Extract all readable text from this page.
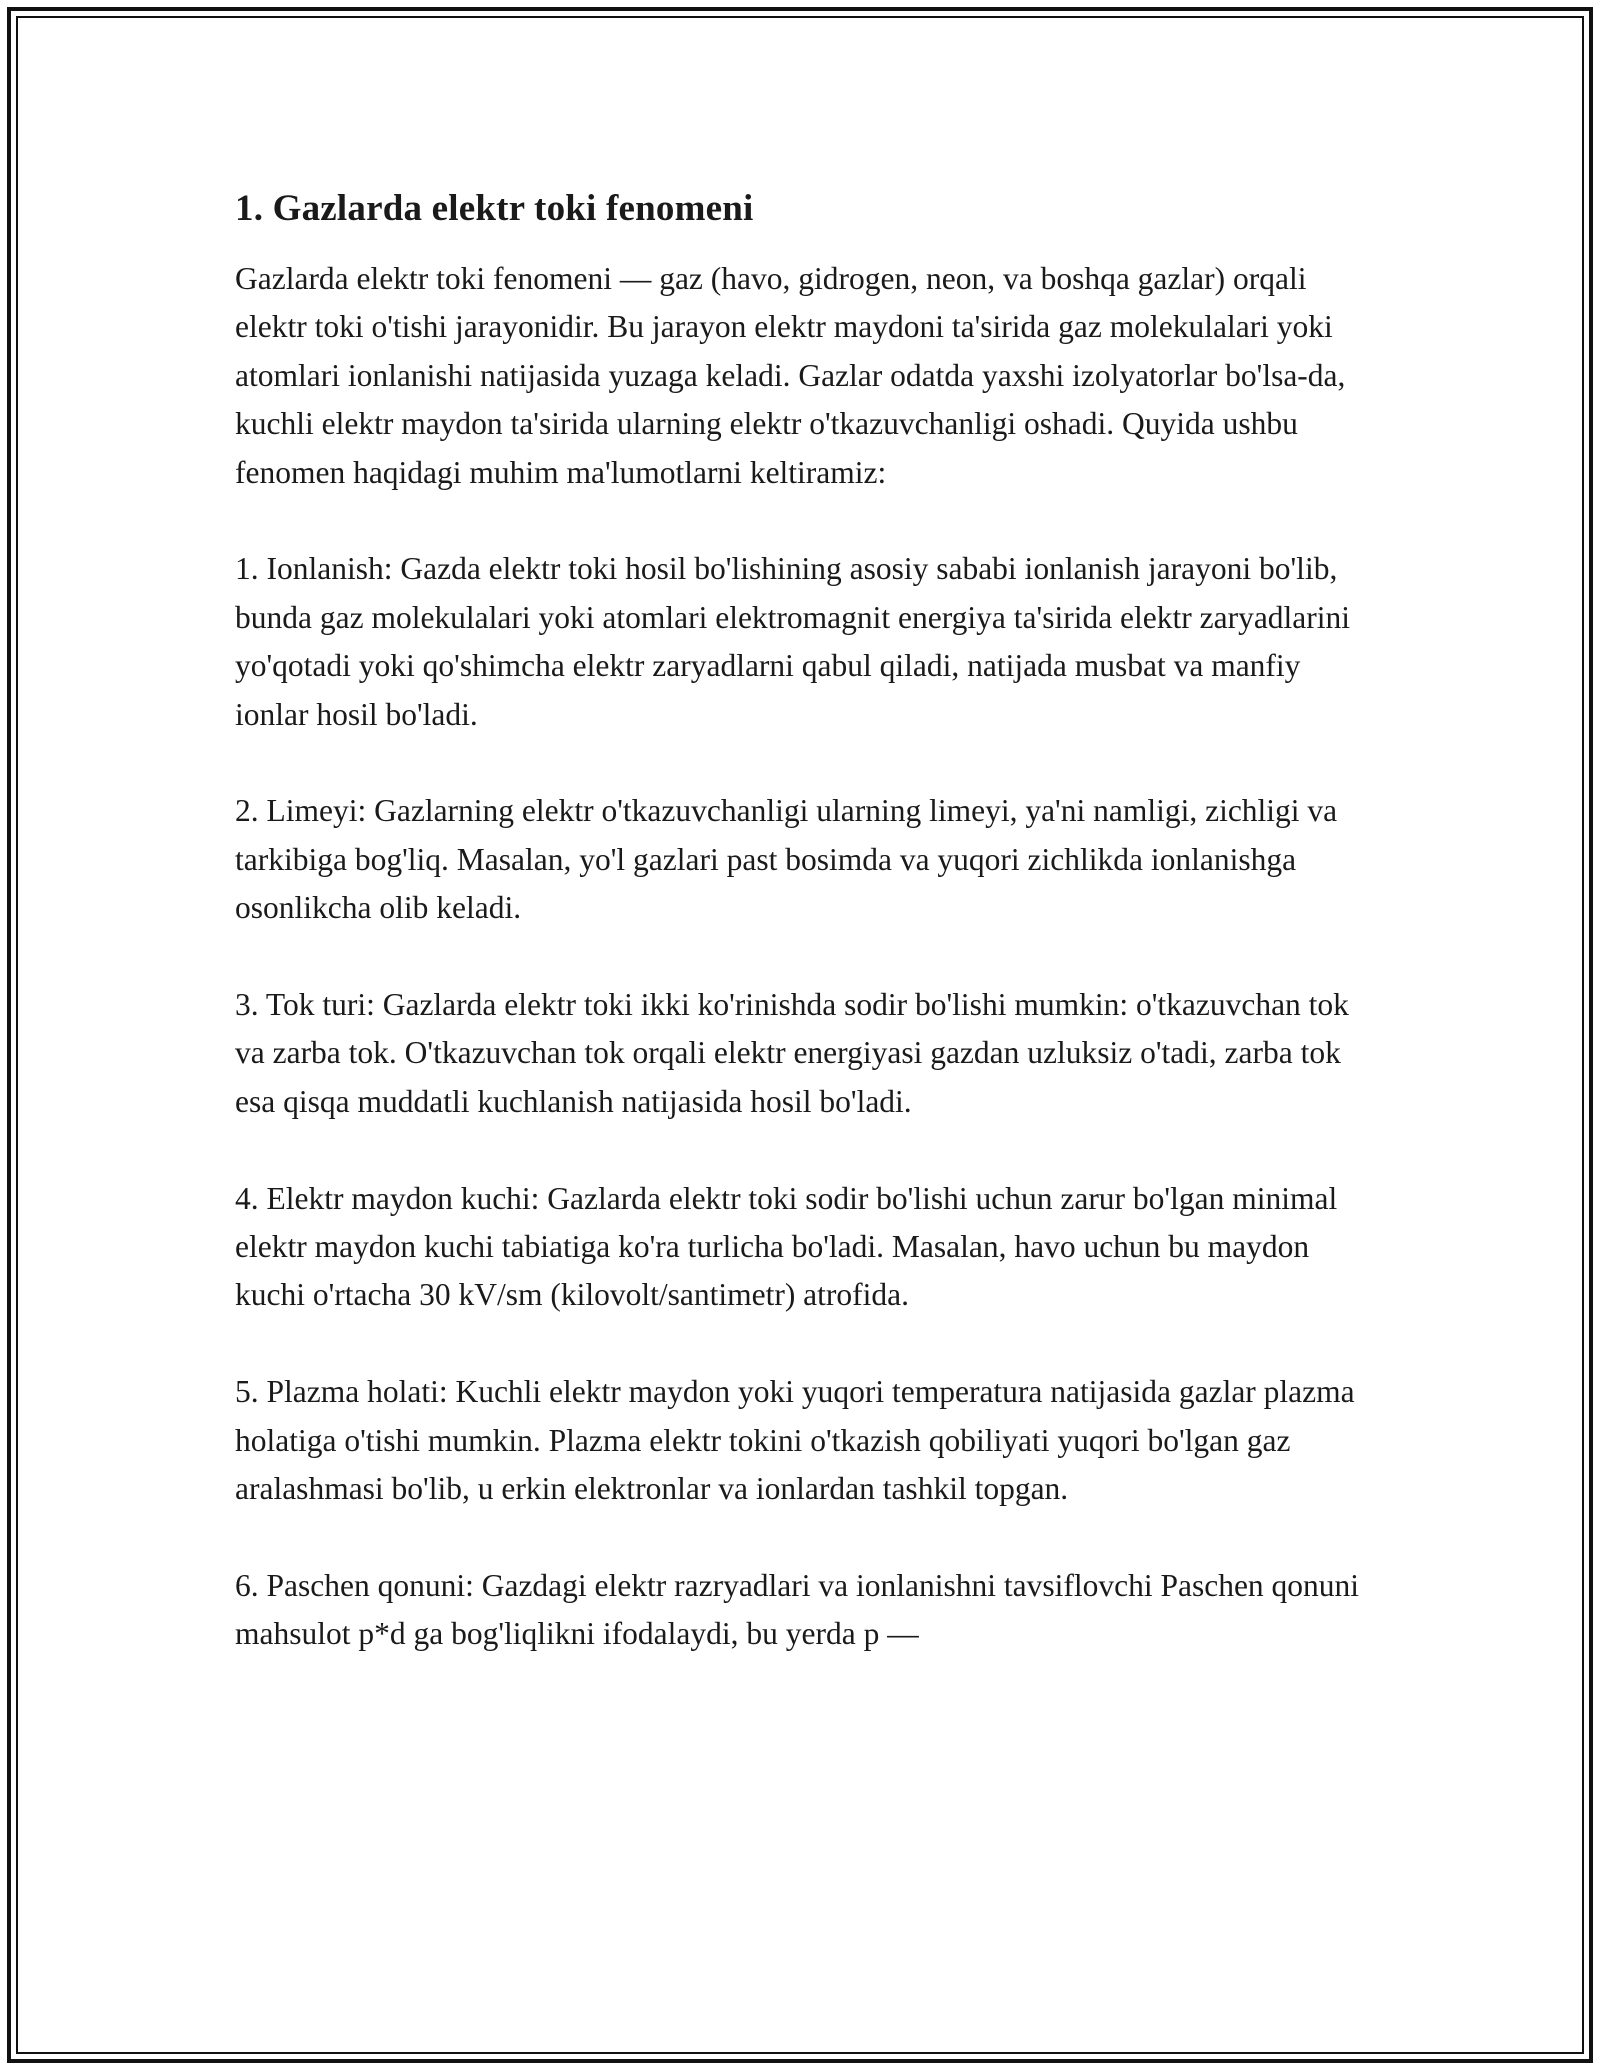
1. Gazlarda elektr toki fenomeni

Gazlarda elektr toki fenomeni — gaz (havo, gidrogen, neon, va boshqa gazlar) orqali elektr toki o'tishi jarayonidir. Bu jarayon elektr maydoni ta'sirida gaz molekulalari yoki atomlari ionlanishi natijasida yuzaga keladi. Gazlar odatda yaxshi izolyatorlar bo'lsa-da, kuchli elektr maydon ta'sirida ularning elektr o'tkazuvchanligi oshadi. Quyida ushbu fenomen haqidagi muhim ma'lumotlarni keltiramiz:

1. Ionlanish: Gazda elektr toki hosil bo'lishining asosiy sababi ionlanish jarayoni bo'lib, bunda gaz molekulalari yoki atomlari elektromagnit energiya ta'sirida elektr zaryadlarini yo'qotadi yoki qo'shimcha elektr zaryadlarni qabul qiladi, natijada musbat va manfiy ionlar hosil bo'ladi.

2. Limeyi: Gazlarning elektr o'tkazuvchanligi ularning limeyi, ya'ni namligi, zichligi va tarkibiga bog'liq. Masalan, yo'l gazlari past bosimda va yuqori zichlikda ionlanishga osonlikcha olib keladi.

3. Tok turi: Gazlarda elektr toki ikki ko'rinishda sodir bo'lishi mumkin: o'tkazuvchan tok va zarba tok. O'tkazuvchan tok orqali elektr energiyasi gazdan uzluksiz o'tadi, zarba tok esa qisqa muddatli kuchlanish natijasida hosil bo'ladi.

4. Elektr maydon kuchi: Gazlarda elektr toki sodir bo'lishi uchun zarur bo'lgan minimal elektr maydon kuchi tabiatiga ko'ra turlicha bo'ladi. Masalan, havo uchun bu maydon kuchi o'rtacha 30 kV/sm (kilovolt/santimetr) atrofida.

5. Plazma holati: Kuchli elektr maydon yoki yuqori temperatura natijasida gazlar plazma holatiga o'tishi mumkin. Plazma elektr tokini o'tkazish qobiliyati yuqori bo'lgan gaz aralashmasi bo'lib, u erkin elektronlar va ionlardan tashkil topgan.

6. Paschen qonuni: Gazdagi elektr razryadlari va ionlanishni tavsiflovchi Paschen qonuni mahsulot p*d ga bog'liqlikni ifodalaydi, bu yerda p —
